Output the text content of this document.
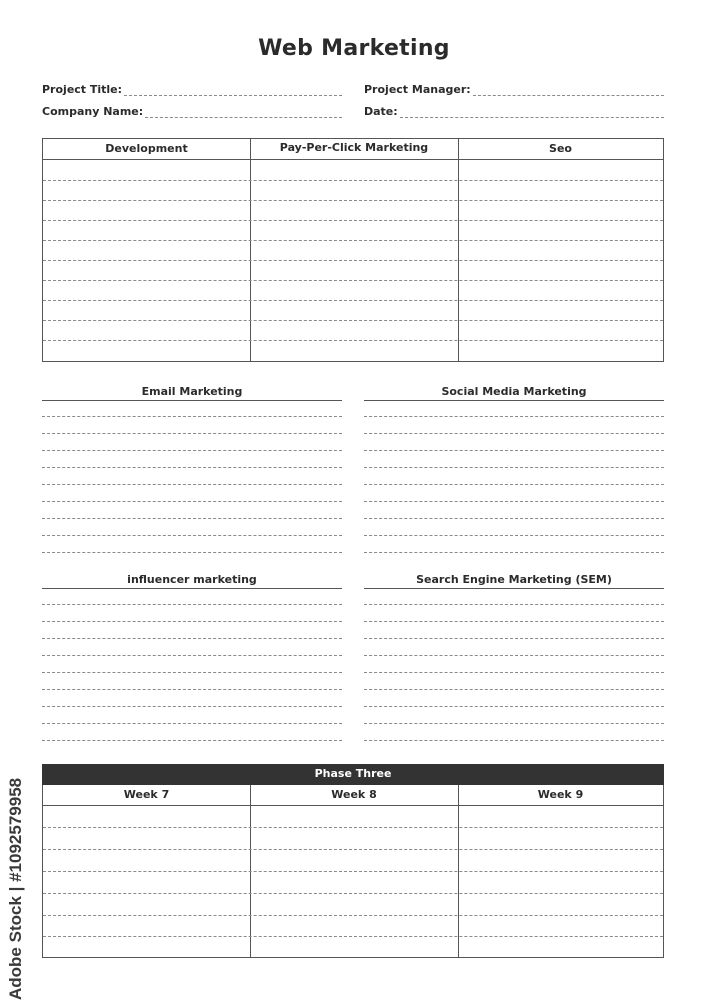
Web Marketing
Project Title:
Company Name:
Project Manager:
Date:
Development	Pay-Per-Click Marketing	Seo
Email Marketing	Social Media Marketing
influencer marketing	Search Engine Marketing (SEM)
Phase Three
Week 7	Week 8	Week 9
Adobe Stock | #1092579958
